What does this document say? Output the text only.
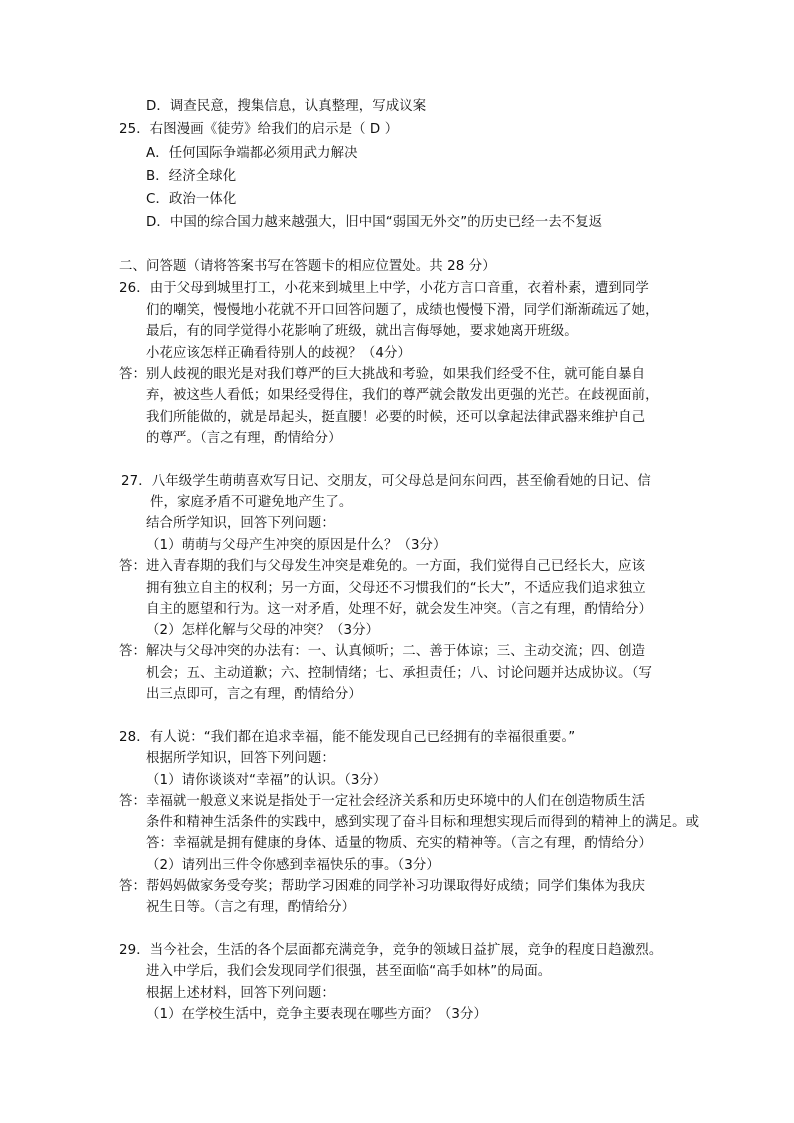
D．调查民意，搜集信息，认真整理，写成议案
25．右图漫画《徒劳》给我们的启示是（ D ）
A．任何国际争端都必须用武力解决
B．经济全球化
C．政治一体化
D．中国的综合国力越来越强大，旧中国“弱国无外交”的历史已经一去不复返
二、问答题（请将答案书写在答题卡的相应位置处。共 28 分）
26．由于父母到城里打工，小花来到城里上中学，小花方言口音重，衣着朴素，遭到同学
们的嘲笑，慢慢地小花就不开口回答问题了，成绩也慢慢下滑，同学们渐渐疏远了她，
最后，有的同学觉得小花影响了班级，就出言侮辱她，要求她离开班级。
小花应该怎样正确看待别人的歧视？（4分）
答：别人歧视的眼光是对我们尊严的巨大挑战和考验，如果我们经受不住，就可能自暴自
弃，被这些人看低；如果经受得住，我们的尊严就会散发出更强的光芒。在歧视面前，
我们所能做的，就是昂起头，挺直腰！必要的时候，还可以拿起法律武器来维护自己
的尊严。（言之有理，酌情给分）
27．八年级学生萌萌喜欢写日记、交朋友，可父母总是问东问西，甚至偷看她的日记、信
件，家庭矛盾不可避免地产生了。
结合所学知识，回答下列问题：
（1）萌萌与父母产生冲突的原因是什么？（3分）
答：进入青春期的我们与父母发生冲突是难免的。一方面，我们觉得自己已经长大，应该
拥有独立自主的权利；另一方面，父母还不习惯我们的“长大”，不适应我们追求独立
自主的愿望和行为。这一对矛盾，处理不好，就会发生冲突。（言之有理，酌情给分）
（2）怎样化解与父母的冲突？（3分）
答：解决与父母冲突的办法有：一、认真倾听；二、善于体谅；三、主动交流；四、创造
机会；五、主动道歉；六、控制情绪；七、承担责任；八、讨论问题并达成协议。（写
出三点即可，言之有理，酌情给分）
28．有人说：“我们都在追求幸福，能不能发现自己已经拥有的幸福很重要。”
根据所学知识，回答下列问题：
（1）请你谈谈对“幸福”的认识。（3分）
答：幸福就一般意义来说是指处于一定社会经济关系和历史环境中的人们在创造物质生活
条件和精神生活条件的实践中，感到实现了奋斗目标和理想实现后而得到的精神上的满足。或
答：幸福就是拥有健康的身体、适量的物质、充实的精神等。（言之有理，酌情给分）
（2）请列出三件令你感到幸福快乐的事。（3分）
答：帮妈妈做家务受夸奖；帮助学习困难的同学补习功课取得好成绩；同学们集体为我庆
祝生日等。（言之有理，酌情给分）
29．当今社会，生活的各个层面都充满竞争，竞争的领域日益扩展，竞争的程度日趋激烈。
进入中学后，我们会发现同学们很强，甚至面临“高手如林”的局面。
根据上述材料，回答下列问题：
（1）在学校生活中，竞争主要表现在哪些方面？（3分）
